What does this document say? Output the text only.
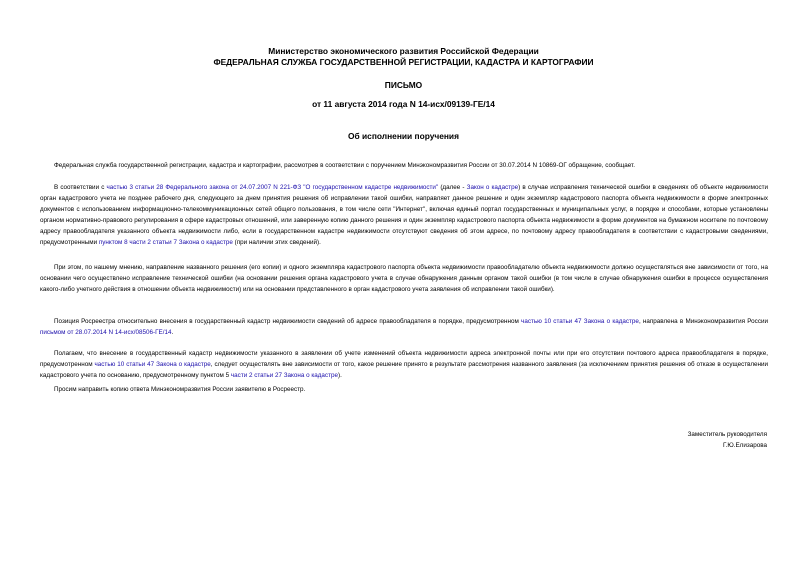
Министерство экономического развития Российской Федерации
ФЕДЕРАЛЬНАЯ СЛУЖБА ГОСУДАРСТВЕННОЙ РЕГИСТРАЦИИ, КАДАСТРА И КАРТОГРАФИИ
ПИСЬМО
от 11 августа 2014 года N 14-исх/09139-ГЕ/14
Об исполнении поручения

Федеральная служба государственной регистрации, кадастра и картографии, рассмотрев в соответствии с поручением Минэкономразвития России от 30.07.2014 N 10869-ОГ обращение, сообщает.

В соответствии с частью 3 статьи 28 Федерального закона от 24.07.2007 N 221-ФЗ "О государственном кадастре недвижимости" (далее - Закон о кадастре) в случае исправления технической ошибки в сведениях об объекте недвижимости орган кадастрового учета не позднее рабочего дня, следующего за днем принятия решения об исправлении такой ошибки, направляет данное решение и один экземпляр кадастрового паспорта объекта недвижимости в форме электронных документов с использованием информационно-телекоммуникационных сетей общего пользования, в том числе сети "Интернет", включая единый портал государственных и муниципальных услуг, в порядке и способами, которые установлены органом нормативно-правового регулирования в сфере кадастровых отношений, или заверенную копию данного решения и один экземпляр кадастрового паспорта объекта недвижимости в форме документов на бумажном носителе по почтовому адресу правообладателя указанного объекта недвижимости либо, если в государственном кадастре недвижимости отсутствуют сведения об этом адресе, по почтовому адресу правообладателя в соответствии с кадастровыми сведениями, предусмотренными пунктом 8 части 2 статьи 7 Закона о кадастре (при наличии этих сведений).

При этом, по нашему мнению, направление названного решения (его копии) и одного экземпляра кадастрового паспорта объекта недвижимости правообладателю объекта недвижимости должно осуществляться вне зависимости от того, на основании чего осуществлено исправление технической ошибки (на основании решения органа кадастрового учета в случае обнаружения данным органом такой ошибки (в том числе в случае обнаружения ошибки в процессе осуществления какого-либо учетного действия в отношении объекта недвижимости) или на основании представленного в орган кадастрового учета заявления об исправлении такой ошибки).

Позиция Росреестра относительно внесения в государственный кадастр недвижимости сведений об адресе правообладателя в порядке, предусмотренном частью 10 статьи 47 Закона о кадастре, направлена в Минэкономразвития России письмом от 28.07.2014 N 14-исх/08506-ГЕ/14.

Полагаем, что внесение в государственный кадастр недвижимости указанного в заявлении об учете изменений объекта недвижимости адреса электронной почты или при его отсутствии почтового адреса правообладателя в порядке, предусмотренном частью 10 статьи 47 Закона о кадастре, следует осуществлять вне зависимости от того, какое решение принято в результате рассмотрения названного заявления (за исключением принятия решения об отказе в осуществлении кадастрового учета по основанию, предусмотренному пунктом 5 части 2 статьи 27 Закона о кадастре).

Просим направить копию ответа Минэкономразвития России заявителю в Росреестр.

Заместитель руководителя
Г.Ю.Елизарова
